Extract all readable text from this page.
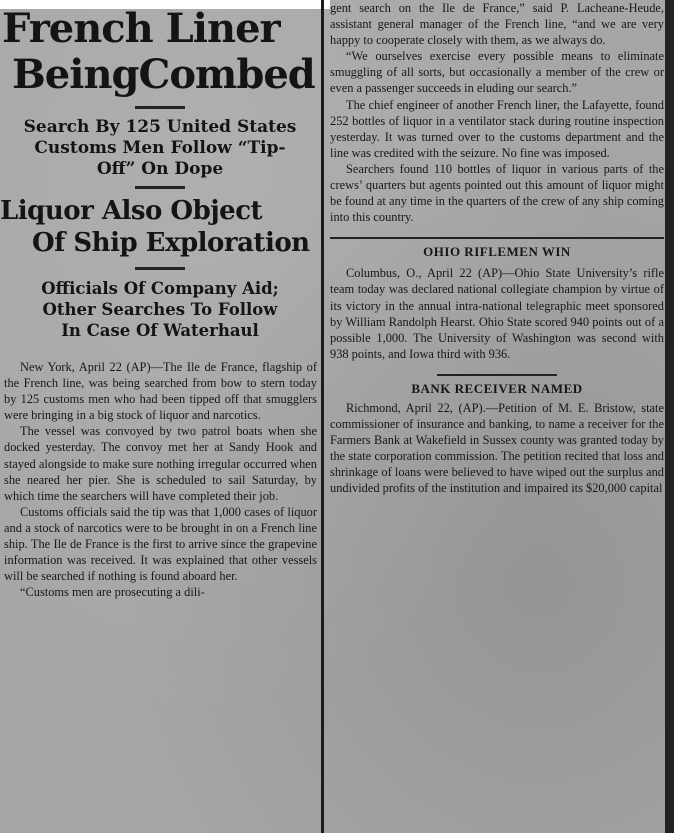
French Liner
BeingCombed
Search By 125 United States
Customs Men Follow “Tip-
Off” On Dope
Liquor Also Object
Of Ship Exploration
Officials Of Company Aid;
Other Searches To Follow
In Case Of Waterhaul

New York, April 22 (AP)—The Ile de France, flagship of the French line, was being searched from bow to stern today by 125 customs men who had been tipped off that smugglers were bringing in a big stock of liquor and narcotics.

The vessel was convoyed by two patrol boats when she docked yesterday. The convoy met her at Sandy Hook and stayed alongside to make sure nothing irregular occurred when she neared her pier. She is scheduled to sail Saturday, by which time the searchers will have completed their job.

Customs officials said the tip was that 1,000 cases of liquor and a stock of narcotics were to be brought in on a French line ship. The Ile de France is the first to arrive since the grapevine information was received. It was explained that other vessels will be searched if nothing is found aboard her.

“Customs men are prosecuting a dili-

gent search on the Ile de France,” said P. Lacheane-Heude, assistant general manager of the French line, “and we are very happy to cooperate closely with them, as we always do.

“We ourselves exercise every possible means to eliminate smuggling of all sorts, but occasionally a member of the crew or even a passenger succeeds in eluding our search.”

The chief engineer of another French liner, the Lafayette, found 252 bottles of liquor in a ventilator stack during routine inspection yesterday. It was turned over to the customs department and the line was credited with the seizure. No fine was imposed.

Searchers found 110 bottles of liquor in various parts of the crews’ quarters but agents pointed out this amount of liquor might be found at any time in the quarters of the crew of any ship coming into this country.

OHIO RIFLEMEN WIN

Columbus, O., April 22 (AP)—Ohio State University’s rifle team today was declared national collegiate champion by virtue of its victory in the annual intra-national telegraphic meet sponsored by William Randolph Hearst. Ohio State scored 940 points out of a possible 1,000. The University of Washington was second with 938 points, and Iowa third with 936.

BANK RECEIVER NAMED

Richmond, April 22, (AP).—Petition of M. E. Bristow, state commissioner of insurance and banking, to name a receiver for the Farmers Bank at Wakefield in Sussex county was granted today by the state corporation commission. The petition recited that loss and shrinkage of loans were believed to have wiped out the surplus and undivided profits of the institution and impaired its $20,000 capital
